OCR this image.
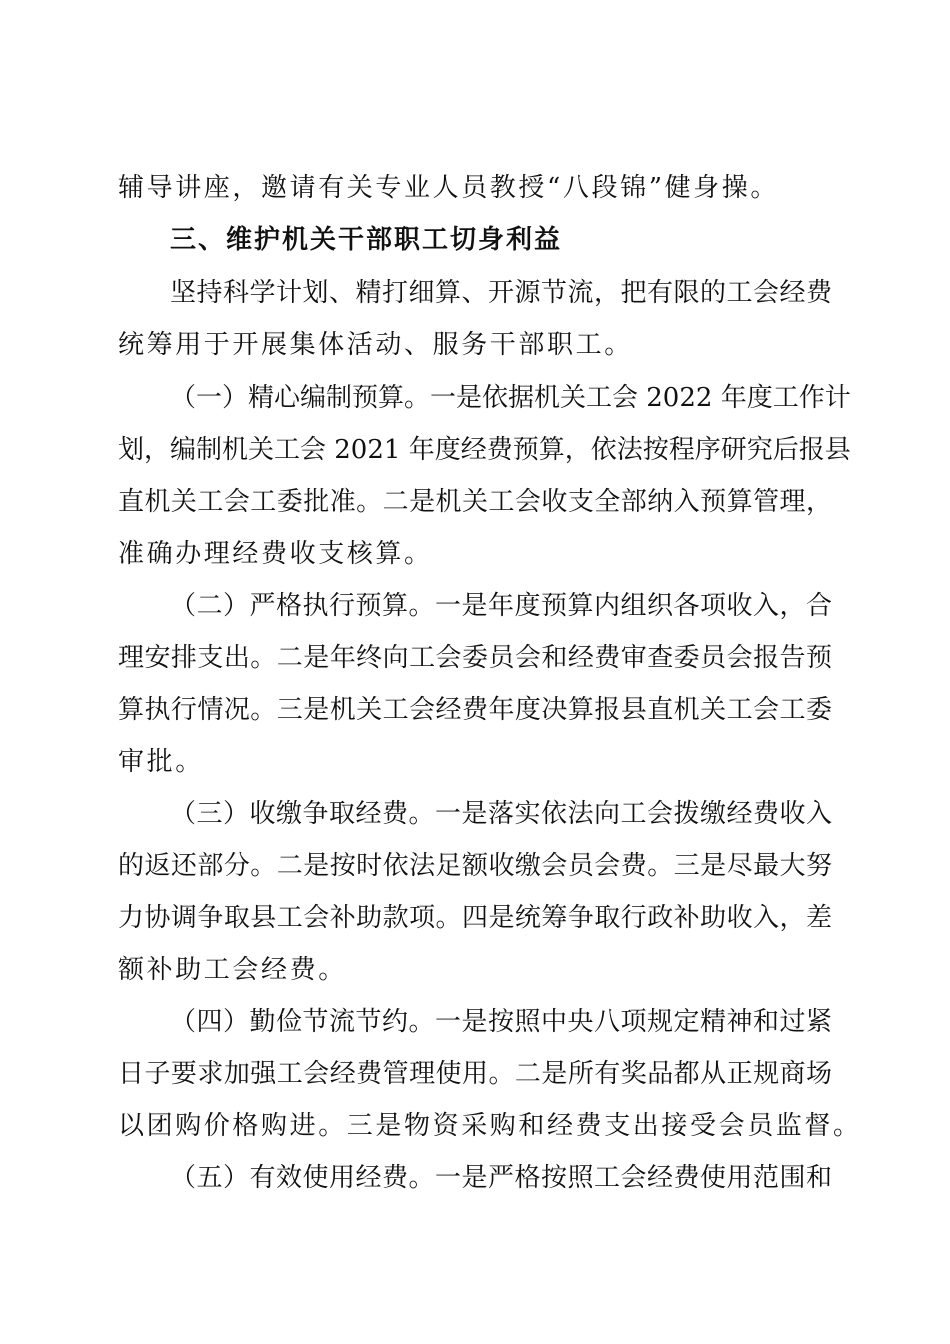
辅导讲座，邀请有关专业人员教授“八段锦”健身操。
三、维护机关干部职工切身利益
坚持科学计划、精打细算、开源节流，把有限的工会经费
统筹用于开展集体活动、服务干部职工。
（一）精心编制预算。一是依据机关工会 2022 年度工作计
划，编制机关工会 2021 年度经费预算，依法按程序研究后报县
直机关工会工委批准。二是机关工会收支全部纳入预算管理，
准确办理经费收支核算。
（二）严格执行预算。一是年度预算内组织各项收入，合
理安排支出。二是年终向工会委员会和经费审查委员会报告预
算执行情况。三是机关工会经费年度决算报县直机关工会工委
审批。
（三）收缴争取经费。一是落实依法向工会拨缴经费收入
的返还部分。二是按时依法足额收缴会员会费。三是尽最大努
力协调争取县工会补助款项。四是统筹争取行政补助收入，差
额补助工会经费。
（四）勤俭节流节约。一是按照中央八项规定精神和过紧
日子要求加强工会经费管理使用。二是所有奖品都从正规商场
以团购价格购进。三是物资采购和经费支出接受会员监督。
（五）有效使用经费。一是严格按照工会经费使用范围和
